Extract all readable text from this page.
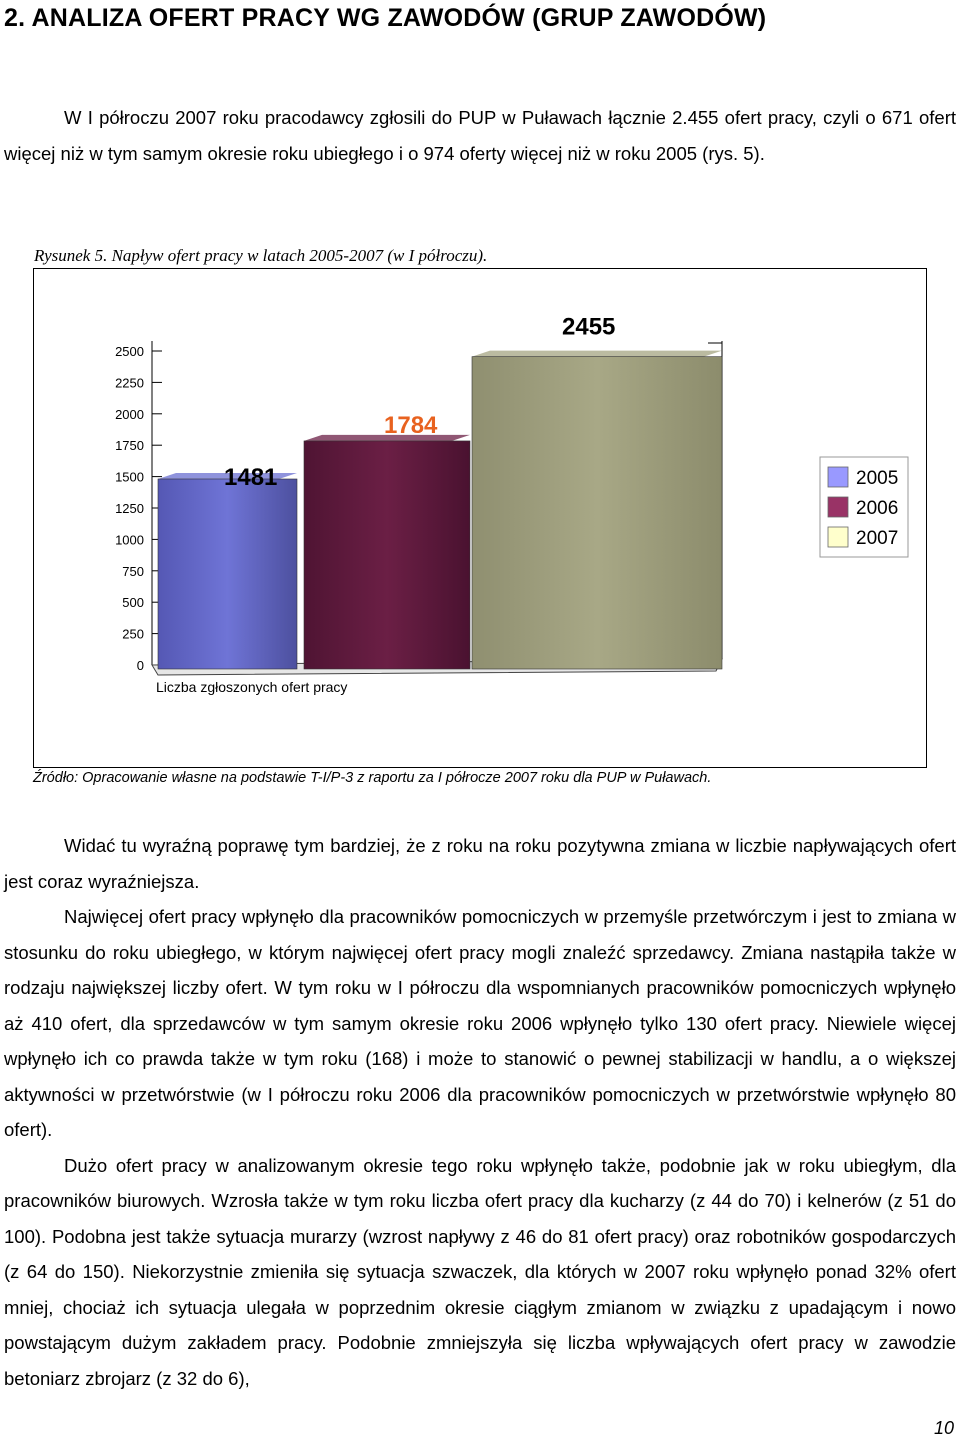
2. ANALIZA OFERT PRACY WG ZAWODÓW (GRUP ZAWODÓW)

W I półroczu 2007 roku pracodawcy zgłosili do PUP w Puławach łącznie 2.455 ofert pracy, czyli o 671 ofert więcej niż w tym samym okresie roku ubiegłego i o 974 oferty więcej niż w roku 2005 (rys. 5).

Rysunek 5. Napływ ofert pracy w latach 2005-2007 (w I półroczu).

0
250
500
750
1000
1250
1500
1750
2000
2250
2500
Liczba zgłoszonych ofert pracy
1481
1784
2455
2005
2006
2007

Źródło: Opracowanie własne na podstawie T-I/P-3 z raportu za I półrocze 2007 roku dla PUP w Puławach.

Widać tu wyraźną poprawę tym bardziej, że z roku na roku pozytywna zmiana w liczbie napływających ofert jest coraz wyraźniejsza.

Najwięcej ofert pracy wpłynęło dla pracowników pomocniczych w przemyśle przetwórczym i jest to zmiana w stosunku do roku ubiegłego, w którym najwięcej ofert pracy mogli znaleźć sprzedawcy. Zmiana nastąpiła także w rodzaju największej liczby ofert. W tym roku w I półroczu dla wspomnianych pracowników pomocniczych wpłynęło aż 410 ofert, dla sprzedawców w tym samym okresie roku 2006 wpłynęło tylko 130 ofert pracy. Niewiele więcej wpłynęło ich co prawda także w tym roku (168) i może to stanowić o pewnej stabilizacji w handlu, a o większej aktywności w przetwórstwie (w I półroczu roku 2006 dla pracowników pomocniczych w przetwórstwie wpłynęło 80 ofert).

Dużo ofert pracy w analizowanym okresie tego roku wpłynęło także, podobnie jak w roku ubiegłym, dla pracowników biurowych. Wzrosła także w tym roku liczba ofert pracy dla kucharzy (z 44 do 70) i kelnerów (z 51 do 100). Podobna jest także sytuacja murarzy (wzrost napływy z 46 do 81 ofert pracy) oraz robotników gospodarczych (z 64 do 150). Niekorzystnie zmieniła się sytuacja szwaczek, dla których w 2007 roku wpłynęło ponad 32% ofert mniej, chociaż ich sytuacja ulegała w poprzednim okresie ciągłym zmianom w związku z upadającym i nowo powstającym dużym zakładem pracy. Podobnie zmniejszyła się liczba wpływających ofert pracy w zawodzie betoniarz zbrojarz (z 32 do 6),

10
